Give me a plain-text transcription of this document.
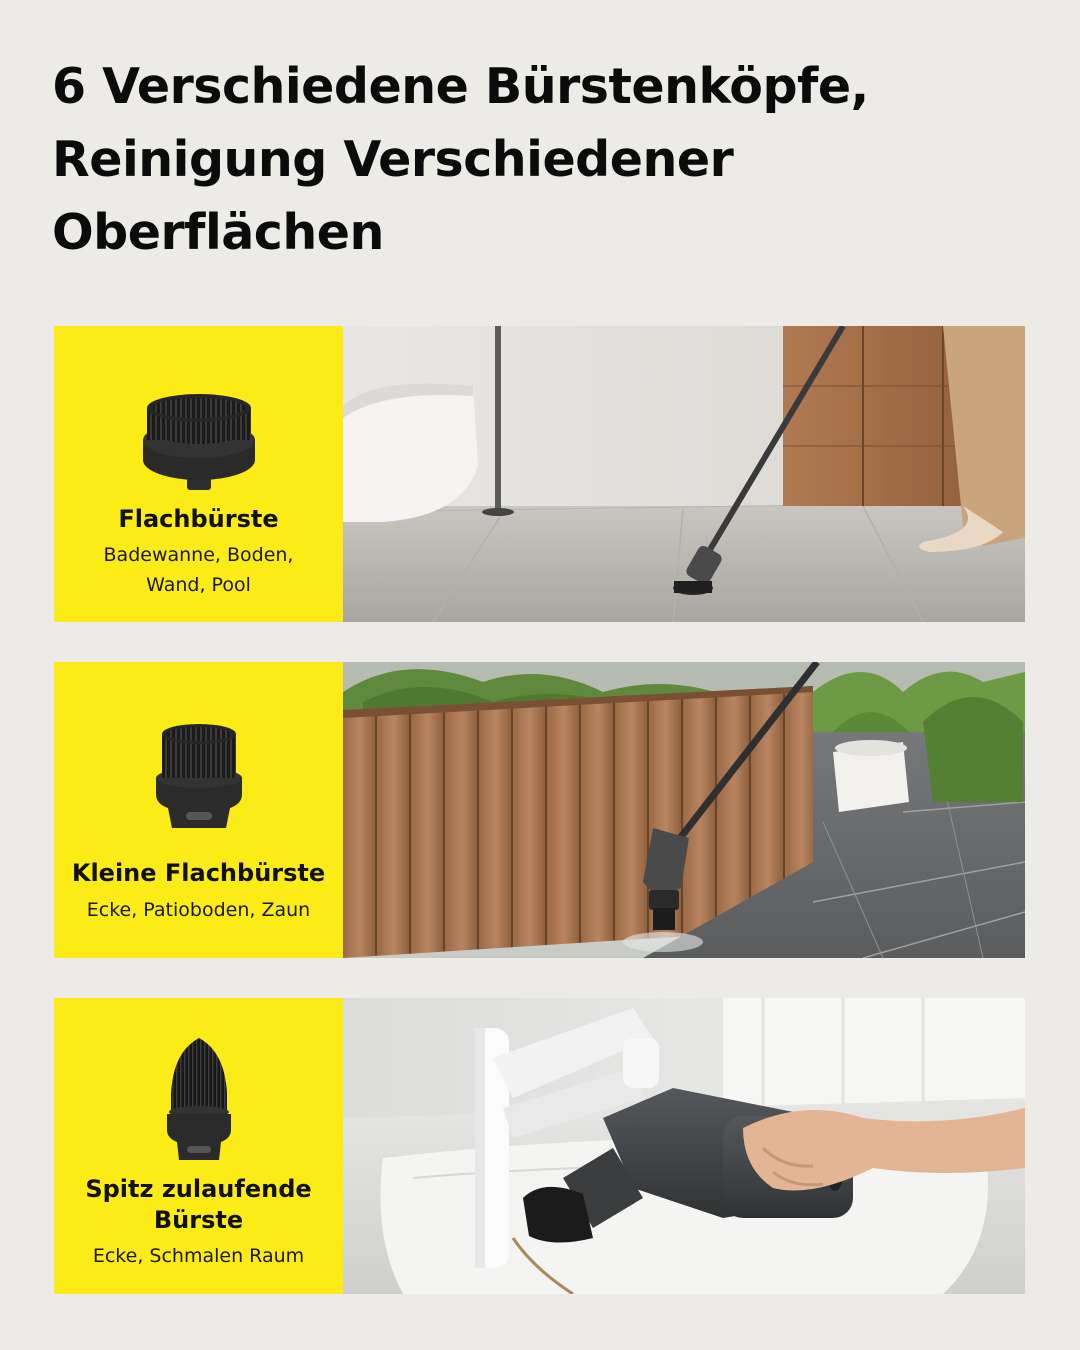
6 Verschiedene Bürstenköpfe,
Reinigung Verschiedener
Oberflächen
Flachbürste
Badewanne, Boden,
Wand, Pool
Kleine Flachbürste
Ecke, Patioboden, Zaun
Spitz zulaufende
Bürste
Ecke, Schmalen Raum
